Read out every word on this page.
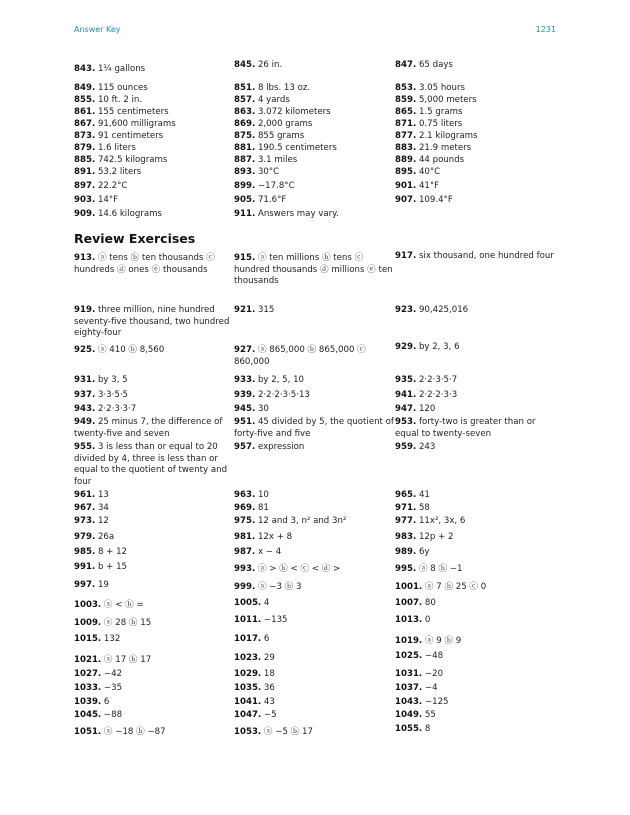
Answer Key	1231
Review Exercises
843. 1¼ gallons
849. 115 ounces
855. 10 ft. 2 in.
861. 155 centimeters
867. 91,600 milligrams
873. 91 centimeters
879. 1.6 liters
885. 742.5 kilograms
891. 53.2 liters
897. 22.2°C
903. 14°F
909. 14.6 kilograms
913. ⓐ tens ⓑ ten thousands ⓒ hundreds ⓓ ones ⓔ thousands
919. three million, nine hundred seventy-five thousand, two hundred eighty-four
925. ⓐ 410 ⓑ 8,560
931. by 3, 5
937. 3·3·5·5
943. 2·2·3·3·7
949. 25 minus 7, the difference of twenty-five and seven
955. 3 is less than or equal to 20 divided by 4, three is less than or equal to the quotient of twenty and four
961. 13
967. 34
973. 12
979. 26a
985. 8 + 12
991. b + 15
997. 19
1003. ⓐ < ⓑ =
1009. ⓐ 28 ⓑ 15
1015. 132
1021. ⓐ 17 ⓑ 17
1027. −42
1033. −35
1039. 6
1045. −88
1051. ⓐ −18 ⓑ −87
845. 26 in.
851. 8 lbs. 13 oz.
857. 4 yards
863. 3.072 kilometers
869. 2,000 grams
875. 855 grams
881. 190.5 centimeters
887. 3.1 miles
893. 30°C
899. −17.8°C
905. 71.6°F
911. Answers may vary.
915. ⓐ ten millions ⓑ tens ⓒ hundred thousands ⓓ millions ⓔ ten thousands
921. 315
927. ⓐ 865,000 ⓑ 865,000 ⓒ 860,000
933. by 2, 5, 10
939. 2·2·2·3·5·13
945. 30
951. 45 divided by 5, the quotient of forty-five and five
957. expression
963. 10
969. 81
975. 12 and 3, n² and 3n²
981. 12x + 8
987. x − 4
993. ⓐ > ⓑ < ⓒ < ⓓ >
999. ⓐ −3 ⓑ 3
1005. 4
1011. −135
1017. 6
1023. 29
1029. 18
1035. 36
1041. 43
1047. −5
1053. ⓐ −5 ⓑ 17
847. 65 days
853. 3.05 hours
859. 5,000 meters
865. 1.5 grams
871. 0.75 liters
877. 2.1 kilograms
883. 21.9 meters
889. 44 pounds
895. 40°C
901. 41°F
907. 109.4°F
917. six thousand, one hundred four
923. 90,425,016
929. by 2, 3, 6
935. 2·2·3·5·7
941. 2·2·2·3·3
947. 120
953. forty-two is greater than or equal to twenty-seven
959. 243
965. 41
971. 58
977. 11x², 3x, 6
983. 12p + 2
989. 6y
995. ⓐ 8 ⓑ −1
1001. ⓐ 7 ⓑ 25 ⓒ 0
1007. 80
1013. 0
1019. ⓐ 9 ⓑ 9
1025. −48
1031. −20
1037. −4
1043. −125
1049. 55
1055. 8
